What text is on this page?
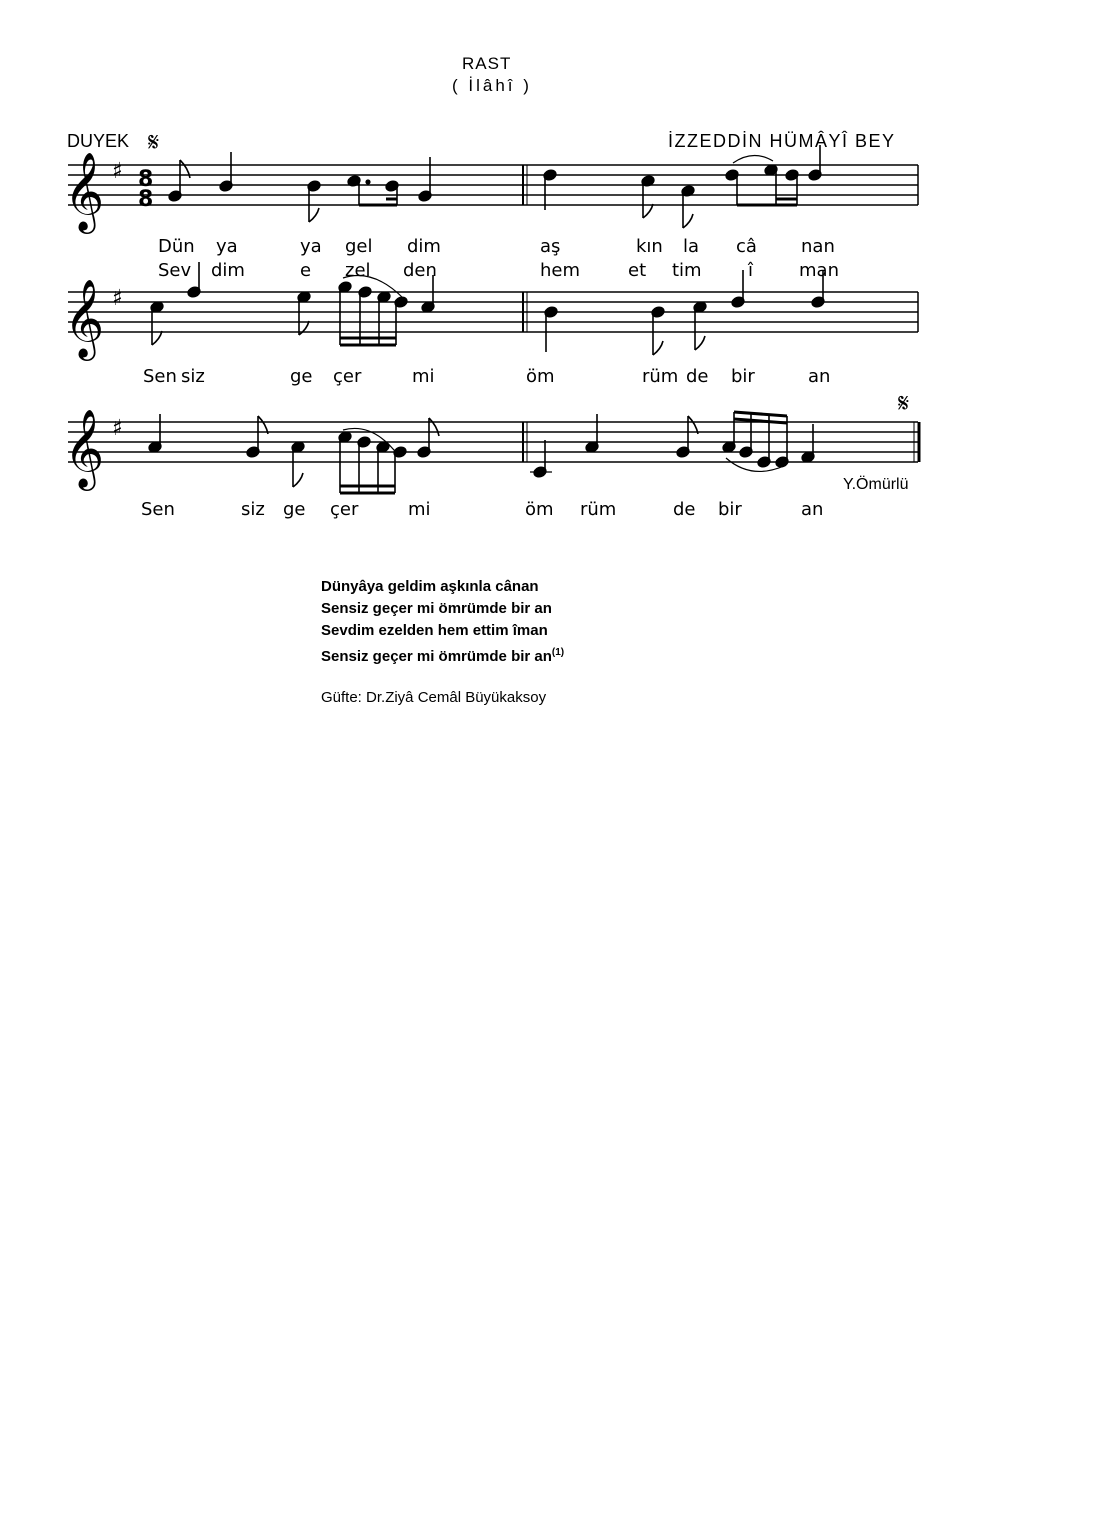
RAST
( İlâhî )
DUYEK	İZZEDDİN HÜMÂYÎ BEY
Y.Ömürlü
𝄞 ♯ 8
8
𝄋
𝄞 ♯
𝄞 ♯
𝄋
Dün ya	ya gel dim	aş	kın la câ nan
Sev dim	e zel den	hem	et tim	î	man
Sen siz	ge çer	mi	öm	rüm de bir	an
Sen	siz ge çer	mi	öm rüm	de bir	an
Dünyâya geldim aşkınla cânan
Sensiz geçer mi ömrümde bir an
Sevdim ezelden hem ettim îman
Sensiz geçer mi ömrümde bir $an^{(1)}$
Güfte: Dr.Ziyâ Cemâl Büyükaksoy
